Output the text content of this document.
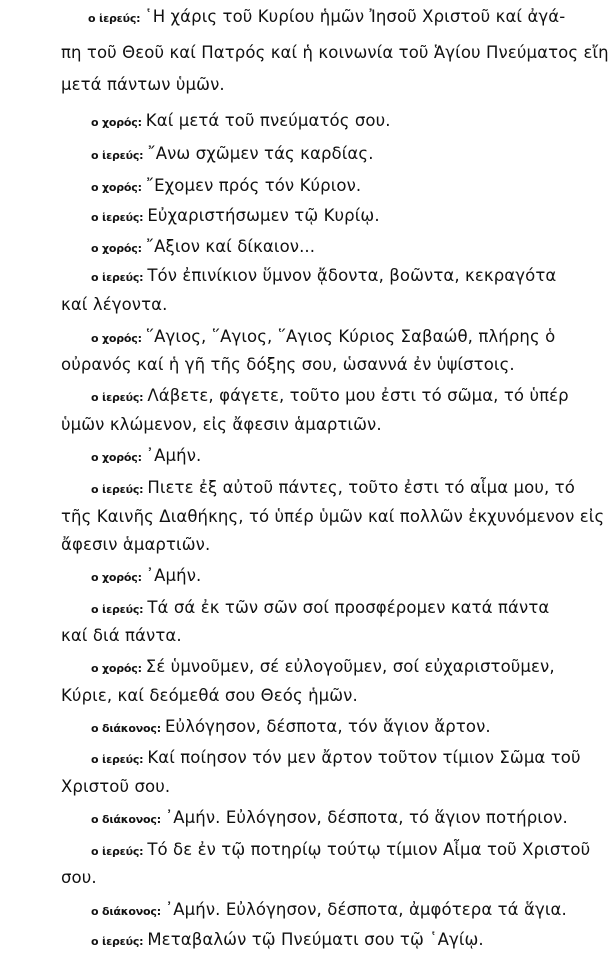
ο ἱερεύς: ῾Η χάρις τοῦ Κυρίου ἡμῶν Ἰησοῦ Χριστοῦ καί ἀγά-
πη τοῦ Θεοῦ καί Πατρός καί ἡ κοινωνία τοῦ Ἁγίου Πνεύματος εἴη
μετά πάντων ὑμῶν.
ο χορός: Καί μετά τοῦ πνεύματός σου.
ο ἱερεύς: ῎Ανω σχῶμεν τάς καρδίας.
ο χορός: ῎Εχομεν πρός τόν Κύριον.
ο ἱερεύς: Εὐχαριστήσωμεν τῷ Κυρίῳ.
ο χορός: ῎Αξιον καί δίκαιον...
ο ἱερεύς: Τόν ἐπινίκιον ὕμνον ᾄδοντα, βοῶντα, κεκραγότα
καί λέγοντα.
ο χορός: ῞Αγιος, ῞Αγιος, ῞Αγιος Κύριος Σαβαώθ, πλήρης ὁ
οὐρανός καί ἡ γῆ τῆς δόξης σου, ὡσαννά ἐν ὑψίστοις.
ο ἱερεύς: Λάβετε, φάγετε, τοῦτο μου ἐστι τό σῶμα, τό ὑπέρ
ὑμῶν κλώμενον, εἰς ἄφεσιν ἁμαρτιῶν.
ο χορός: ᾿Αμήν.
ο ἱερεύς: Πιετε ἐξ αὐτοῦ πάντες, τοῦτο ἐστι τό αἷμα μου, τό
τῆς Καινῆς Διαθήκης, τό ὑπέρ ὑμῶν καί πολλῶν ἐκχυνόμενον εἰς
ἄφεσιν ἁμαρτιῶν.
ο χορός: ᾿Αμήν.
ο ἱερεύς: Τά σά ἐκ τῶν σῶν σοί προσφέρομεν κατά πάντα
καί διά πάντα.
ο χορός: Σέ ὑμνοῦμεν, σέ εὐλογοῦμεν, σοί εὐχαριστοῦμεν,
Κύριε, καί δεόμεθά σου Θεός ἡμῶν.
ο διάκονος: Εὐλόγησον, δέσποτα, τόν ἅγιον ἄρτον.
ο ἱερεύς: Καί ποίησον τόν μεν ἄρτον τοῦτον τίμιον Σῶμα τοῦ
Χριστοῦ σου.
ο διάκονος: ᾿Αμήν. Εὐλόγησον, δέσποτα, τό ἅγιον ποτήριον.
ο ἱερεύς: Τό δε ἐν τῷ ποτηρίῳ τούτῳ τίμιον Αἷμα τοῦ Χριστοῦ
σου.
ο διάκονος: ᾿Αμήν. Εὐλόγησον, δέσποτα, ἀμφότερα τά ἅγια.
ο ἱερεύς: Μεταβαλών τῷ Πνεύματι σου τῷ ῾Αγίῳ.
